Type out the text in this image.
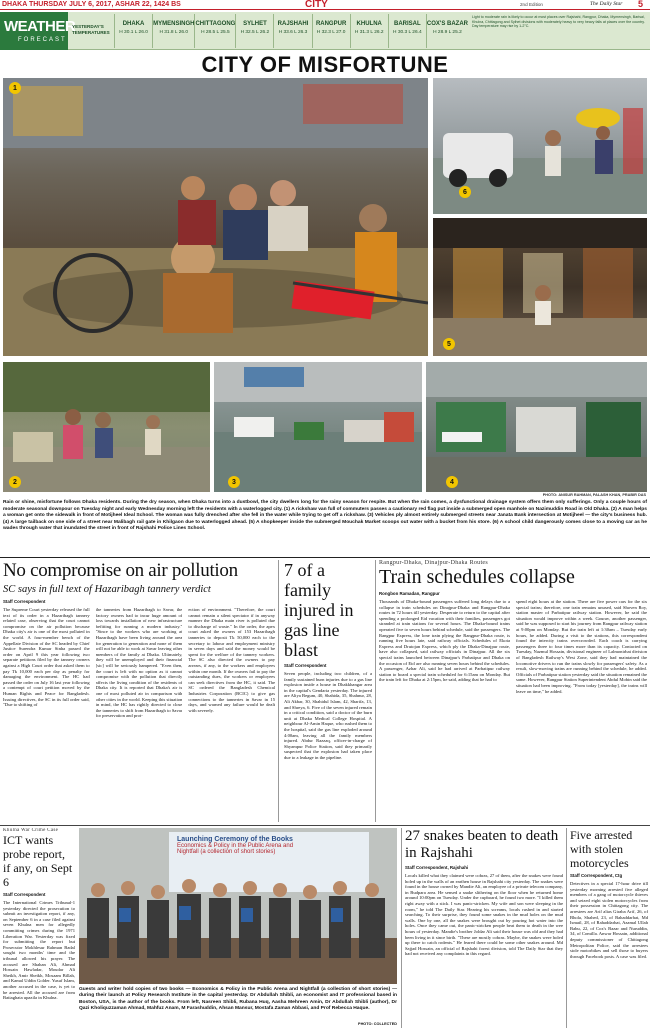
DHAKA THURSDAY JULY 6, 2017, ASHAR 22, 1424 BS	CITY	2nd Edition	The Daily Star 5
WEATHER
FORECAST
YESTERDAY'S TEMPERATURES
DHAKA
H 30.1 L 26.0
MYMENSINGH
H 31.8 L 26.0
CHITTAGONG
H 28.5 L 25.5
SYLHET
H 32.5 L 26.2
RAJSHAHI
H 33.6 L 26.3
RANGPUR
H 32.3 L 27.0
KHULNA
H 31.3 L 26.2
BARISAL
H 30.3 L 26.4
COX'S BAZAR
H 28.9 L 25.2
Light to moderate rain is likely to occur at most places over Rajshahi, Rangpur, Dhaka, Mymensingh, Barisal, Khulna, Chittagong and Sylhet divisions with moderately heavy to very heavy falls at places over the country. Day temperature may rise by 1-2°C.
CITY OF MISFORTUNE
1
6
5
2	3	4
PHOTO: ANISUR RAHMAN, PALASH KHAN, PRABIR DAS
Rain or shine, misfortune follows Dhaka residents. During the dry season, when Dhaka turns into a dustbowl, the city dwellers long for the rainy season for respite. But when the rain comes, a dysfunctional drainage system offers them only sufferings. Only a couple hours of moderate seasonal downpour on Tuesday night and early Wednesday morning left the residents with a waterlogged city. (1) A rickshaw van full of commuters passes a cautionary red flag put inside a submerged open manhole on Nazimuddin Road in Old Dhaka. (2) A man helps a woman get onto the sidewalk in front of Motijheel Ideal School. The woman was fully drenched after she fell in the water while trying to get off a rickshaw. (3) Vehicles ply almost entirely submerged streets near Janata Bank intersection at Motijheel — the city's business hub. (4) A large tailback on one side of a street near Malibagh rail gate in Khilgaon due to waterlogged ahead. (5) A shopkeeper inside the submerged Mouchak Market scoops out water with a bucket from his store. (6) A school child dangerously comes close to a moving car as he wades through water that inundated the street in front of Rajshahi Police Lines School.
No compromise on air pollution
SC says in full text of Hazaribagh tannery verdict
Staff Correspondent

The Supreme Court yesterday released the full text of its order in a Hazaribagh tannery related case, observing that the court cannot compromise on the air pollution because Dhaka city's air is one of the most polluted in the world. A four-member bench of the Appellate Division of the SC headed by Chief Justice Surendra Kumar Sinha passed the order on April 9 this year following two separate petitions filed by the tannery owners against a High Court order that asked them to pay Tk 10,000 each per day as penalty for damaging the environment. The HC had passed the order on July 16 last year following a contempt of court petition moved by the Human Rights and Peace for Bangladesh. Issuing directives, the SC in its full order said, "Due to shifting of

the tanneries from Hazaribagh to Savar, the factory owners had to incur huge amount of loss towards installation of new infrastructure befitting for running a modern industry." "Since to the workers who are working at Hazaribagh have been living around the area for generation to generation and none of them will not be able to work at Savar leaving other members of the family at Dhaka. Ultimately, they will be unemployed and their financial [sic] will be seriously hampered. "Even then, the court is left with no option as it cannot compromise with the pollution that directly affects the living condition of the residents of Dhaka city. It is reported that Dhaka's air is one of most polluted air in comparison with other cities in the world. Keeping this situation in mind, the HC has rightly directed to close the tanneries to shift from Hazaribagh to Savar for preservation and prot-

ection of environment. "Therefore, the court cannot remain a silent spectator if in anyway manner the Dhaka main river is polluted due to discharge of waste." In the order, the apex court asked the owners of 153 Hazaribagh tanneries to deposit Tk 50,000 each to the secretary to labour and employment ministry in seven days and said the money would be spent for the welfare of the tannery workers. The SC also directed the owners to pay arrears, if any, to the workers and employees within one month. If the owners fail to pay the outstanding dues, the workers or employees can seek directives from the HC, it said. The SC ordered the Bangladesh Chemical Industries Corporation (BCIC) to give gas connections to the tanneries in Savar in 15 days, and warned any failure would be dealt with severely.

7 of a family injured in gas line blast
Staff Correspondent

Seven people, including two children, of a family sustained burn injuries due to a gas line explosion inside a house in Dhakkhangar area in the capital's Gendaria yesterday. The injured are Aliya Begum, 40, Shahida, 35, Shahnur, 28, Ali Akbar, 30, Shahidul Islam, 42, Sharifa, 13, and Shreya, 6. Five of the seven injured remain in a critical condition, said a doctor of the burn unit at Dhaka Medical College Hospital. A neighbour Al-Amin Haque, who rushed them to the hospital, said the gas line exploded around 4:00am, leaving all the family members injured. Abdur Razzaq, officer-in-charge of Shyampur Police Station, said they primarily suspected that the explosion had taken place due to a leakage in the pipeline.

Rangpur-Dhaka, Dinajpur-Dhaka Routes
Train schedules collapse
Rongbon Ramadan, Rangpur

Thousands of Dhaka-bound passengers suffered long delays due to a collapse in train schedules on Dinajpur-Dhaka and Rangpur-Dhaka routes in 72 hours till yesterday. Desperate to return to the capital after spending a prolonged Eid vacation with their families, passengers got stranded at train stations for several hours. The Dhaka-bound trains operated five to seven hours behind schedule, said the passengers. The Rangpur Express, the lone train plying the Rangpur-Dhaka route, is running five hours late, said railway officials. Schedules of Ekota Express and Drutojan Express, which ply the Dhaka-Dinajpur route, have also collapsed, said railway officials in Dinajpur. All the six special trains launched between Dinajpur's Parbatipur and Dhaka on the occasion of Eid are also running seven hours behind the schedules. A passenger, Azhar Ali, said he had arrived at Parbatipur railway station to board a special train scheduled for 6:15am on Monday. But the train left for Dhaka at 2:15pm, he said, adding that he had to

spend eight hours at the station. There are five power cars for the six special trains; therefore, one train remains unused, said Shoven Roy, station master of Parbatipur railway station. However, he said the situation would improve within a week. Gourav, another passenger, said he was supposed to start his journey from Rangpur railway station at 9:00pm on Monday. But the train left at 1:30am – Tuesday early hours, he added. During a visit to the stations, this correspondent found the intercity trains overcrowded. Each coach is carrying passengers three to four times more than its capacity. Contacted on Tuesday, Nazmul Hossain, divisional engineer of Lalmonirhat division of Bangladesh Railway's West Zone, said they had maintained the locomotive drivers to run the trains slowly for passengers' safety. As a result, slow-moving trains are running behind the schedule, he added. Officials of Parbatipur station yesterday said the situation remained the same. However, Rangpur Station Superintendent Abdul Mobin said the situation had been improving. "From today [yesterday], the trains will leave on time," he added.

Khulna War Crime Case
ICT wants probe report, if any, on Sept 6
Staff Correspondent

The International Crimes Tribunal-1 yesterday directed the prosecution to submit an investigation report, if any, on September 6 in a case filed against seven Khulna men for allegedly committing crimes during the 1971 Liberation War. Yesterday was fixed for submitting the report but Prosecutor Mokhlesur Rahman Badal sought two months' time and the tribunal allowed his prayer. The accused are Shahan Ali, Ahmad Hossain Hawladar, Moudar Ali Sheikh, Amir Sheikh, Mosaam Billah, and Kamal Uddin Golder. Yusuf Islam, another accused in the case, is yet to be arrested. All the accused are from Batiaghata upazila in Khulna.

Launching Ceremony of the Books
Economics & Policy in the Public Arena and
Nightfall (a collection of short stories)
Guests and writer hold copies of two books — Economics & Policy in the Public Arena and Nightfall (a collection of short stories) — during their launch at Policy Research Institute in the capital yesterday. Dr Abdullah Shibli, an economist and IT professional based in Boston, USA, is the author of the books. From left, Nasreen Shibli, Rubana Huq, Aasha Mehreen Amin, Dr Abdullah Shibli (author), Dr Qazi Kholiquzzaman Ahmad, Mahfuz Anam, M Farashuddin, Ahsan Mansur, Mostafa Zaman Abbasi, and Prof Rebecca Haque.
PHOTO: COLLECTED
27 snakes beaten to death in Rajshahi
Staff Correspondent, Rajshahi

Locals killed what they claimed were cobras, 27 of them, after the snakes were found holed up in the walls of an earthen house in Rajshahi city yesterday. The snakes were found in the house owned by Mandie Ali, an employee of a private telecom company, in Budpara area. He sensed a snake slithering on the floor when he returned home around 10:00pm on Tuesday. Under the cupboard, he found two more. "I killed them right away with a stick. I was panic-stricken. My wife and son were sleeping in the room," he told The Daily Star. Hearing his screams, locals rushed in and started searching. To their surprise, they found some snakes in the mud holes on the mud walls. One by one, all the snakes were brought out by pouring hot water into the holes. Once they came out, the panic-stricken people beat them to death in the wee hours of yesterday. Mandie's brother Joldar Ali said their house was old and they had been living in it since birth. "These are mostly cobras. Maybe, the snakes were holed up there to catch rodents." He feared there could be some other snakes around. Md Sajjad Hossain, an official of Rajshahi forest division, told The Daily Star that they had not received any complaints in this regard.

Five arrested with stolen motorcycles
Staff Correspondent, Ctg

Detectives in a special 17-hour drive till yesterday morning arrested five alleged members of a gang of motorcycle thieves and seized eight stolen motorcycles from their possession in Chittagong city. The arrestees are Arif alias Giraba Arif, 26, of Bhola, Shahed, 23, of Bahaddarhat, Md Ismail, 28, of Rahaddarhat, Azamal Ullah Babu, 22, of Cox's Bazar and Nuruddin, 34, of Comilla. Anwar Hossain, additional deputy commissioner of Chittagong Metropolitan Police, said the arrestees stole motorbikes and sell those to buyers through Facebook posts. A case was filed.
